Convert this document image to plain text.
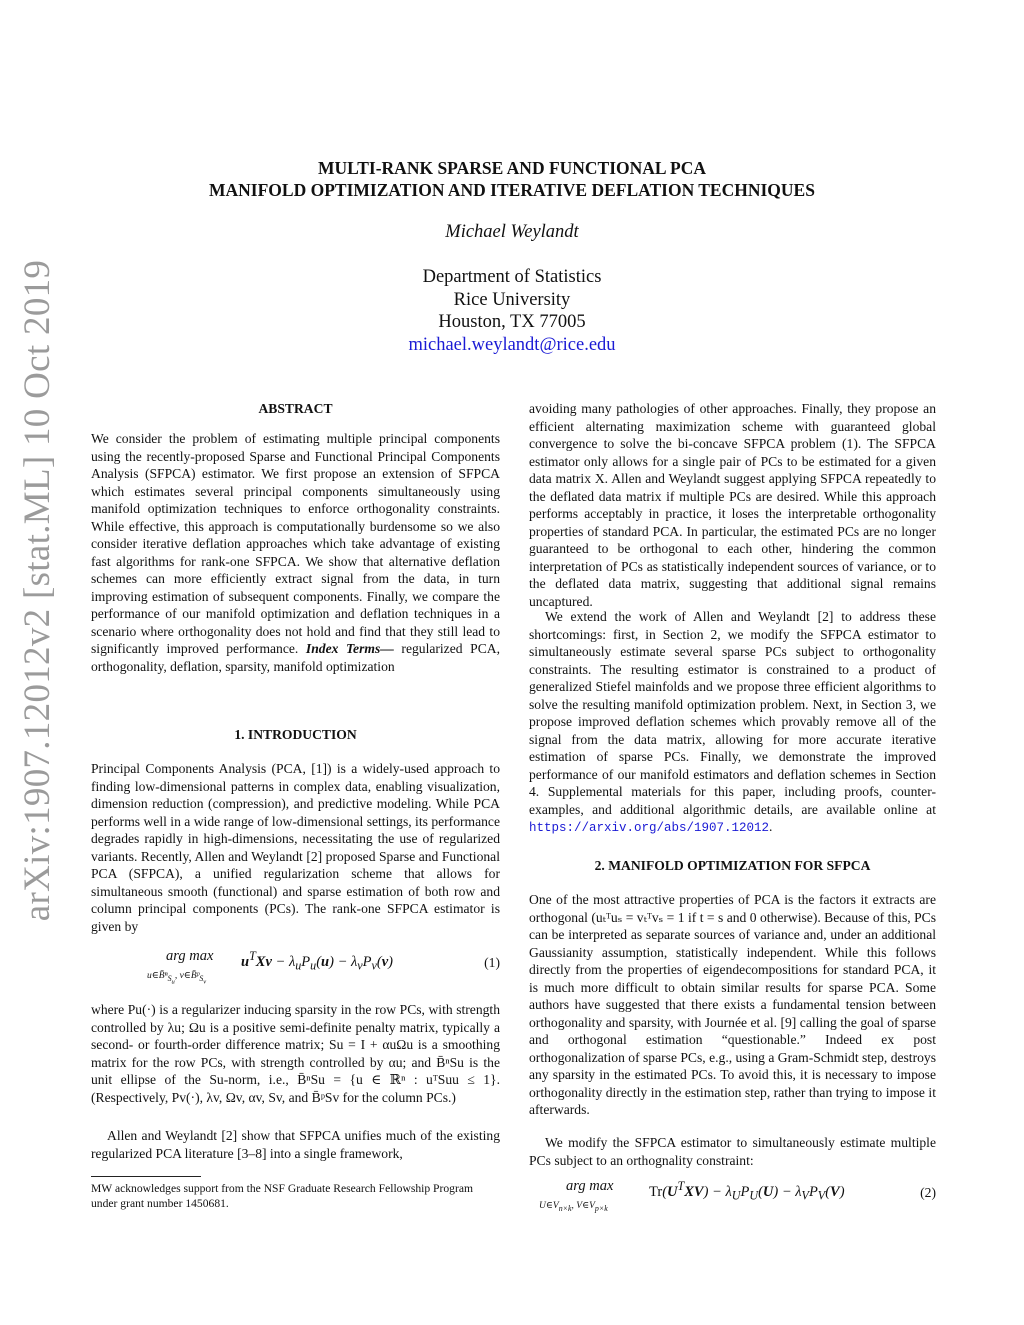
arXiv:1907.12012v2 [stat.ML] 10 Oct 2019
MULTI-RANK SPARSE AND FUNCTIONAL PCA
MANIFOLD OPTIMIZATION AND ITERATIVE DEFLATION TECHNIQUES
Michael Weylandt
Department of Statistics
Rice University
Houston, TX 77005
michael.weylandt@rice.edu
ABSTRACT
We consider the problem of estimating multiple principal components using the recently-proposed Sparse and Functional Principal Components Analysis (SFPCA) estimator. We first propose an extension of SFPCA which estimates several principal components simultaneously using manifold optimization techniques to enforce orthogonality constraints. While effective, this approach is computationally burdensome so we also consider iterative deflation approaches which take advantage of existing fast algorithms for rank-one SFPCA. We show that alternative deflation schemes can more efficiently extract signal from the data, in turn improving estimation of subsequent components. Finally, we compare the performance of our manifold optimization and deflation techniques in a scenario where orthogonality does not hold and find that they still lead to significantly improved performance. Index Terms— regularized PCA, orthogonality, deflation, sparsity, manifold optimization
1. INTRODUCTION
Principal Components Analysis (PCA, [1]) is a widely-used approach to finding low-dimensional patterns in complex data, enabling visualization, dimension reduction (compression), and predictive modeling. While PCA performs well in a wide range of low-dimensional settings, its performance degrades rapidly in high-dimensions, necessitating the use of regularized variants. Recently, Allen and Weylandt [2] proposed Sparse and Functional PCA (SFPCA), a unified regularization scheme that allows for simultaneous smooth (functional) and sparse estimation of both row and column principal components (PCs). The rank-one SFPCA estimator is given by
arg max
u∈B̄ⁿ$_{S_u}$, v∈B̄ᵖ$_{S_v}$
$u^TXv - \lambda_uP_u(u) - \lambda_vP_v(v)$	(1)
where Pu(·) is a regularizer inducing sparsity in the row PCs, with strength controlled by λu; Ωu is a positive semi-definite penalty matrix, typically a second- or fourth-order difference matrix; Su = I + αuΩu is a smoothing matrix for the row PCs, with strength controlled by αu; and B̄ⁿSu is the unit ellipse of the Su-norm, i.e., B̄ⁿSu = {u ∈ ℝⁿ : uᵀSuu ≤ 1}. (Respectively, Pv(·), λv, Ωv, αv, Sv, and B̄ᵖSv for the column PCs.)
Allen and Weylandt [2] show that SFPCA unifies much of the existing regularized PCA literature [3–8] into a single framework,
MW acknowledges support from the NSF Graduate Research Fellowship Program under grant number 1450681.
avoiding many pathologies of other approaches. Finally, they propose an efficient alternating maximization scheme with guaranteed global convergence to solve the bi-concave SFPCA problem (1). The SFPCA estimator only allows for a single pair of PCs to be estimated for a given data matrix X. Allen and Weylandt suggest applying SFPCA repeatedly to the deflated data matrix if multiple PCs are desired. While this approach performs acceptably in practice, it loses the interpretable orthogonality properties of standard PCA. In particular, the estimated PCs are no longer guaranteed to be orthogonal to each other, hindering the common interpretation of PCs as statistically independent sources of variance, or to the deflated data matrix, suggesting that additional signal remains uncaptured.
We extend the work of Allen and Weylandt [2] to address these shortcomings: first, in Section 2, we modify the SFPCA estimator to simultaneously estimate several sparse PCs subject to orthogonality constraints. The resulting estimator is constrained to a product of generalized Stiefel mainfolds and we propose three efficient algorithms to solve the resulting manifold optimization problem. Next, in Section 3, we propose improved deflation schemes which provably remove all of the signal from the data matrix, allowing for more accurate iterative estimation of sparse PCs. Finally, we demonstrate the improved performance of our manifold estimators and deflation schemes in Section 4. Supplemental materials for this paper, including proofs, counter-examples, and additional algorithmic details, are available online at https://arxiv.org/abs/1907.12012.
2. MANIFOLD OPTIMIZATION FOR SFPCA
One of the most attractive properties of PCA is the factors it extracts are orthogonal (uₜᵀuₛ = vₜᵀvₛ = 1 if t = s and 0 otherwise). Because of this, PCs can be interpreted as separate sources of variance and, under an additional Gaussianity assumption, statistically independent. While this follows directly from the properties of eigendecompositions for standard PCA, it is much more difficult to obtain similar results for sparse PCA. Some authors have suggested that there exists a fundamental tension between orthogonality and sparsity, with Journée et al. [9] calling the goal of sparse and orthogonal estimation “questionable.” Indeed ex post orthogonalization of sparse PCs, e.g., using a Gram-Schmidt step, destroys any sparsity in the estimated PCs. To avoid this, it is necessary to impose orthogonality directly in the estimation step, rather than trying to impose it afterwards.
We modify the SFPCA estimator to simultaneously estimate multiple PCs subject to an orthognality constraint:
arg max
$U\in V_{n\times k}$, $V\in V_{p\times k}$
$Tr(U^TXV) - \lambda_UP_U(U) - \lambda_VP_V(V)$	(2)
